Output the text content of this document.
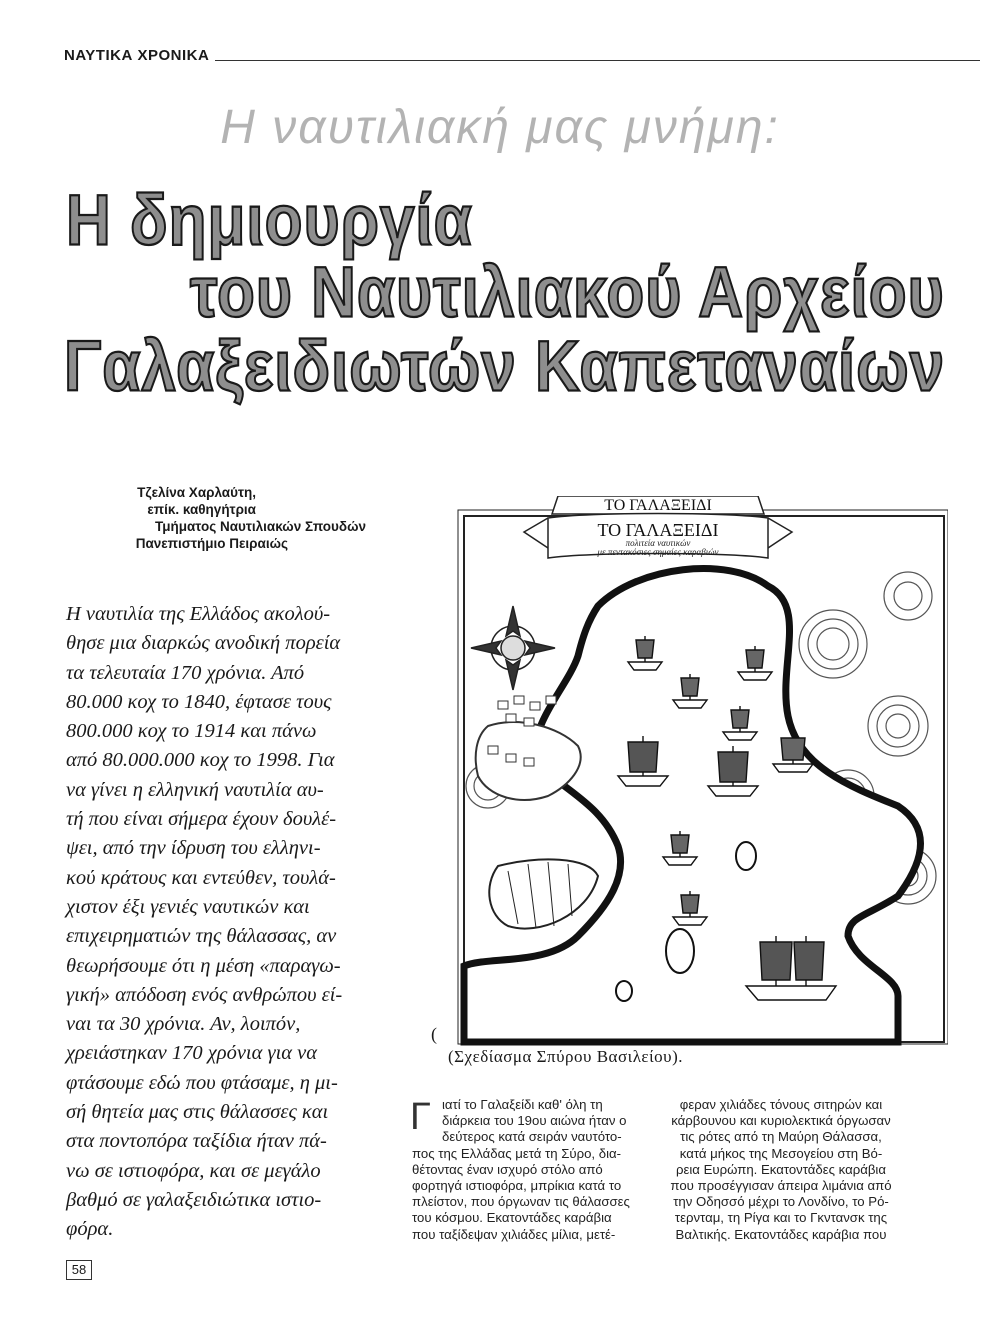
ΝΑΥΤΙΚΑ ΧΡΟΝΙΚΑ
Η ναυτιλιακή μας μνήμη:
Η δημιουργία
του Ναυτιλιακού Αρχείου
Γαλαξειδιωτών Καπεταναίων
Τζελίνα Χαρλαύτη,
επίκ. καθηγήτρια
Τμήματος Ναυτιλιακών Σπουδών
Πανεπιστήμιο Πειραιώς
Η ναυτιλία της Ελλάδος ακολού-
θησε μια διαρκώς ανοδική πορεία
τα τελευταία 170 χρόνια. Από
80.000 κοχ το 1840, έφτασε τους
800.000 κοχ το 1914 και πάνω
από 80.000.000 κοχ το 1998. Για
να γίνει η ελληνική ναυτιλία αυ-
τή που είναι σήμερα έχουν δουλέ-
ψει, από την ίδρυση του ελληνι-
κού κράτους και εντεύθεν, τουλά-
χιστον έξι γενιές ναυτικών και
επιχειρηματιών της θάλασσας, αν
θεωρήσουμε ότι η μέση «παραγω-
γική» απόδοση ενός ανθρώπου εί-
ναι τα 30 χρόνια. Αν, λοιπόν,
χρειάστηκαν 170 χρόνια για να
φτάσουμε εδώ που φτάσαμε, η μι-
σή θητεία μας στις θάλασσες και
στα ποντοπόρα ταξίδια ήταν πά-
νω σε ιστιοφόρα, και σε μεγάλο
βαθμό σε γαλαξειδιώτικα ιστιο-
φόρα.
58
ΤΟ ΓΑΛΑΞΕΙΔΙ
ΤΟ ΓΑΛΑΞΕΙΔΙ
πολιτεία ναυτικών
με πεντακόσιες σημαίες καραβιών
(
(Σχεδίασμα Σπύρου Βασιλείου).
Γ ιατί το Γαλαξείδι καθ' όλη τη
διάρκεια του 19ου αιώνα ήταν ο
δεύτερος κατά σειράν ναυτότο-
πος της Ελλάδας μετά τη Σύρο, δια-
θέτοντας έναν ισχυρό στόλο από
φορτηγά ιστιοφόρα, μπρίκια κατά το
πλείστον, που όργωναν τις θάλασσες
του κόσμου. Εκατοντάδες καράβια
που ταξίδεψαν χιλιάδες μίλια, μετέ-
φεραν χιλιάδες τόνους σιτηρών και
κάρβουνου και κυριολεκτικά όργωσαν
τις ρότες από τη Μαύρη Θάλασσα,
κατά μήκος της Μεσογείου στη Βό-
ρεια Ευρώπη. Εκατοντάδες καράβια
που προσέγγισαν άπειρα λιμάνια από
την Οδησσό μέχρι το Λονδίνο, το Ρό-
τερνταμ, τη Ρίγα και το Γκντανσκ της
Βαλτικής. Εκατοντάδες καράβια που
